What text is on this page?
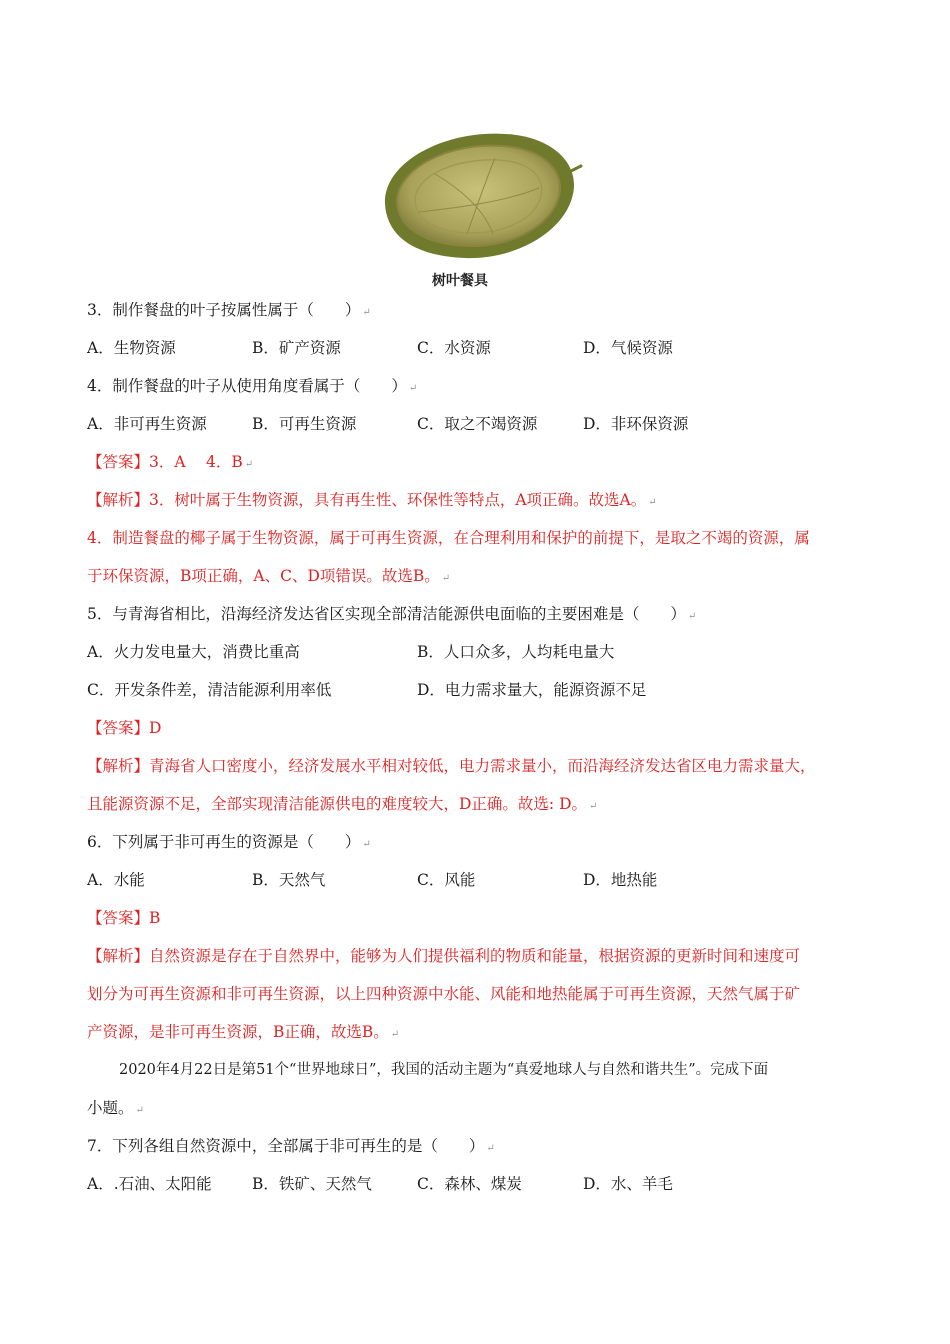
树叶餐具
3．制作餐盘的叶子按属性属于（　　） ↵
A．生物资源	B．矿产资源	C．水资源	D．气候资源
4．制作餐盘的叶子从使用角度看属于（　　） ↵
A．非可再生资源	B．可再生资源	C．取之不竭资源	D．非环保资源
【答案】3．A　 4．B ↵
【解析】3．树叶属于生物资源，具有再生性、环保性等特点，A项正确。故选A。 ↵
4．制造餐盘的椰子属于生物资源，属于可再生资源，在合理利用和保护的前提下，是取之不竭的资源，属
于环保资源，B项正确，A、C、D项错误。故选B。 ↵
5．与青海省相比，沿海经济发达省区实现全部清洁能源供电面临的主要困难是（　　） ↵
A．火力发电量大，消费比重高	B．人口众多，人均耗电量大
C．开发条件差，清洁能源利用率低	D．电力需求量大，能源资源不足
【答案】D
【解析】青海省人口密度小，经济发展水平相对较低，电力需求量小，而沿海经济发达省区电力需求量大，
且能源资源不足，全部实现清洁能源供电的难度较大，D正确。故选: D。 ↵
6．下列属于非可再生的资源是（　　） ↵
A．水能	B．天然气	C．风能	D．地热能
【答案】B
【解析】自然资源是存在于自然界中，能够为人们提供福利的物质和能量，根据资源的更新时间和速度可
划分为可再生资源和非可再生资源，以上四种资源中水能、风能和地热能属于可再生资源，天然气属于矿
产资源，是非可再生资源，B正确，故选B。 ↵
2020年4月22日是第51个“世界地球日”，我国的活动主题为“真爱地球人与自然和谐共生”。完成下面
小题。 ↵
7．下列各组自然资源中，全部属于非可再生的是（　　） ↵
A．.石油、太阳能	B．铁矿、天然气	C．森林、煤炭	D．水、羊毛
